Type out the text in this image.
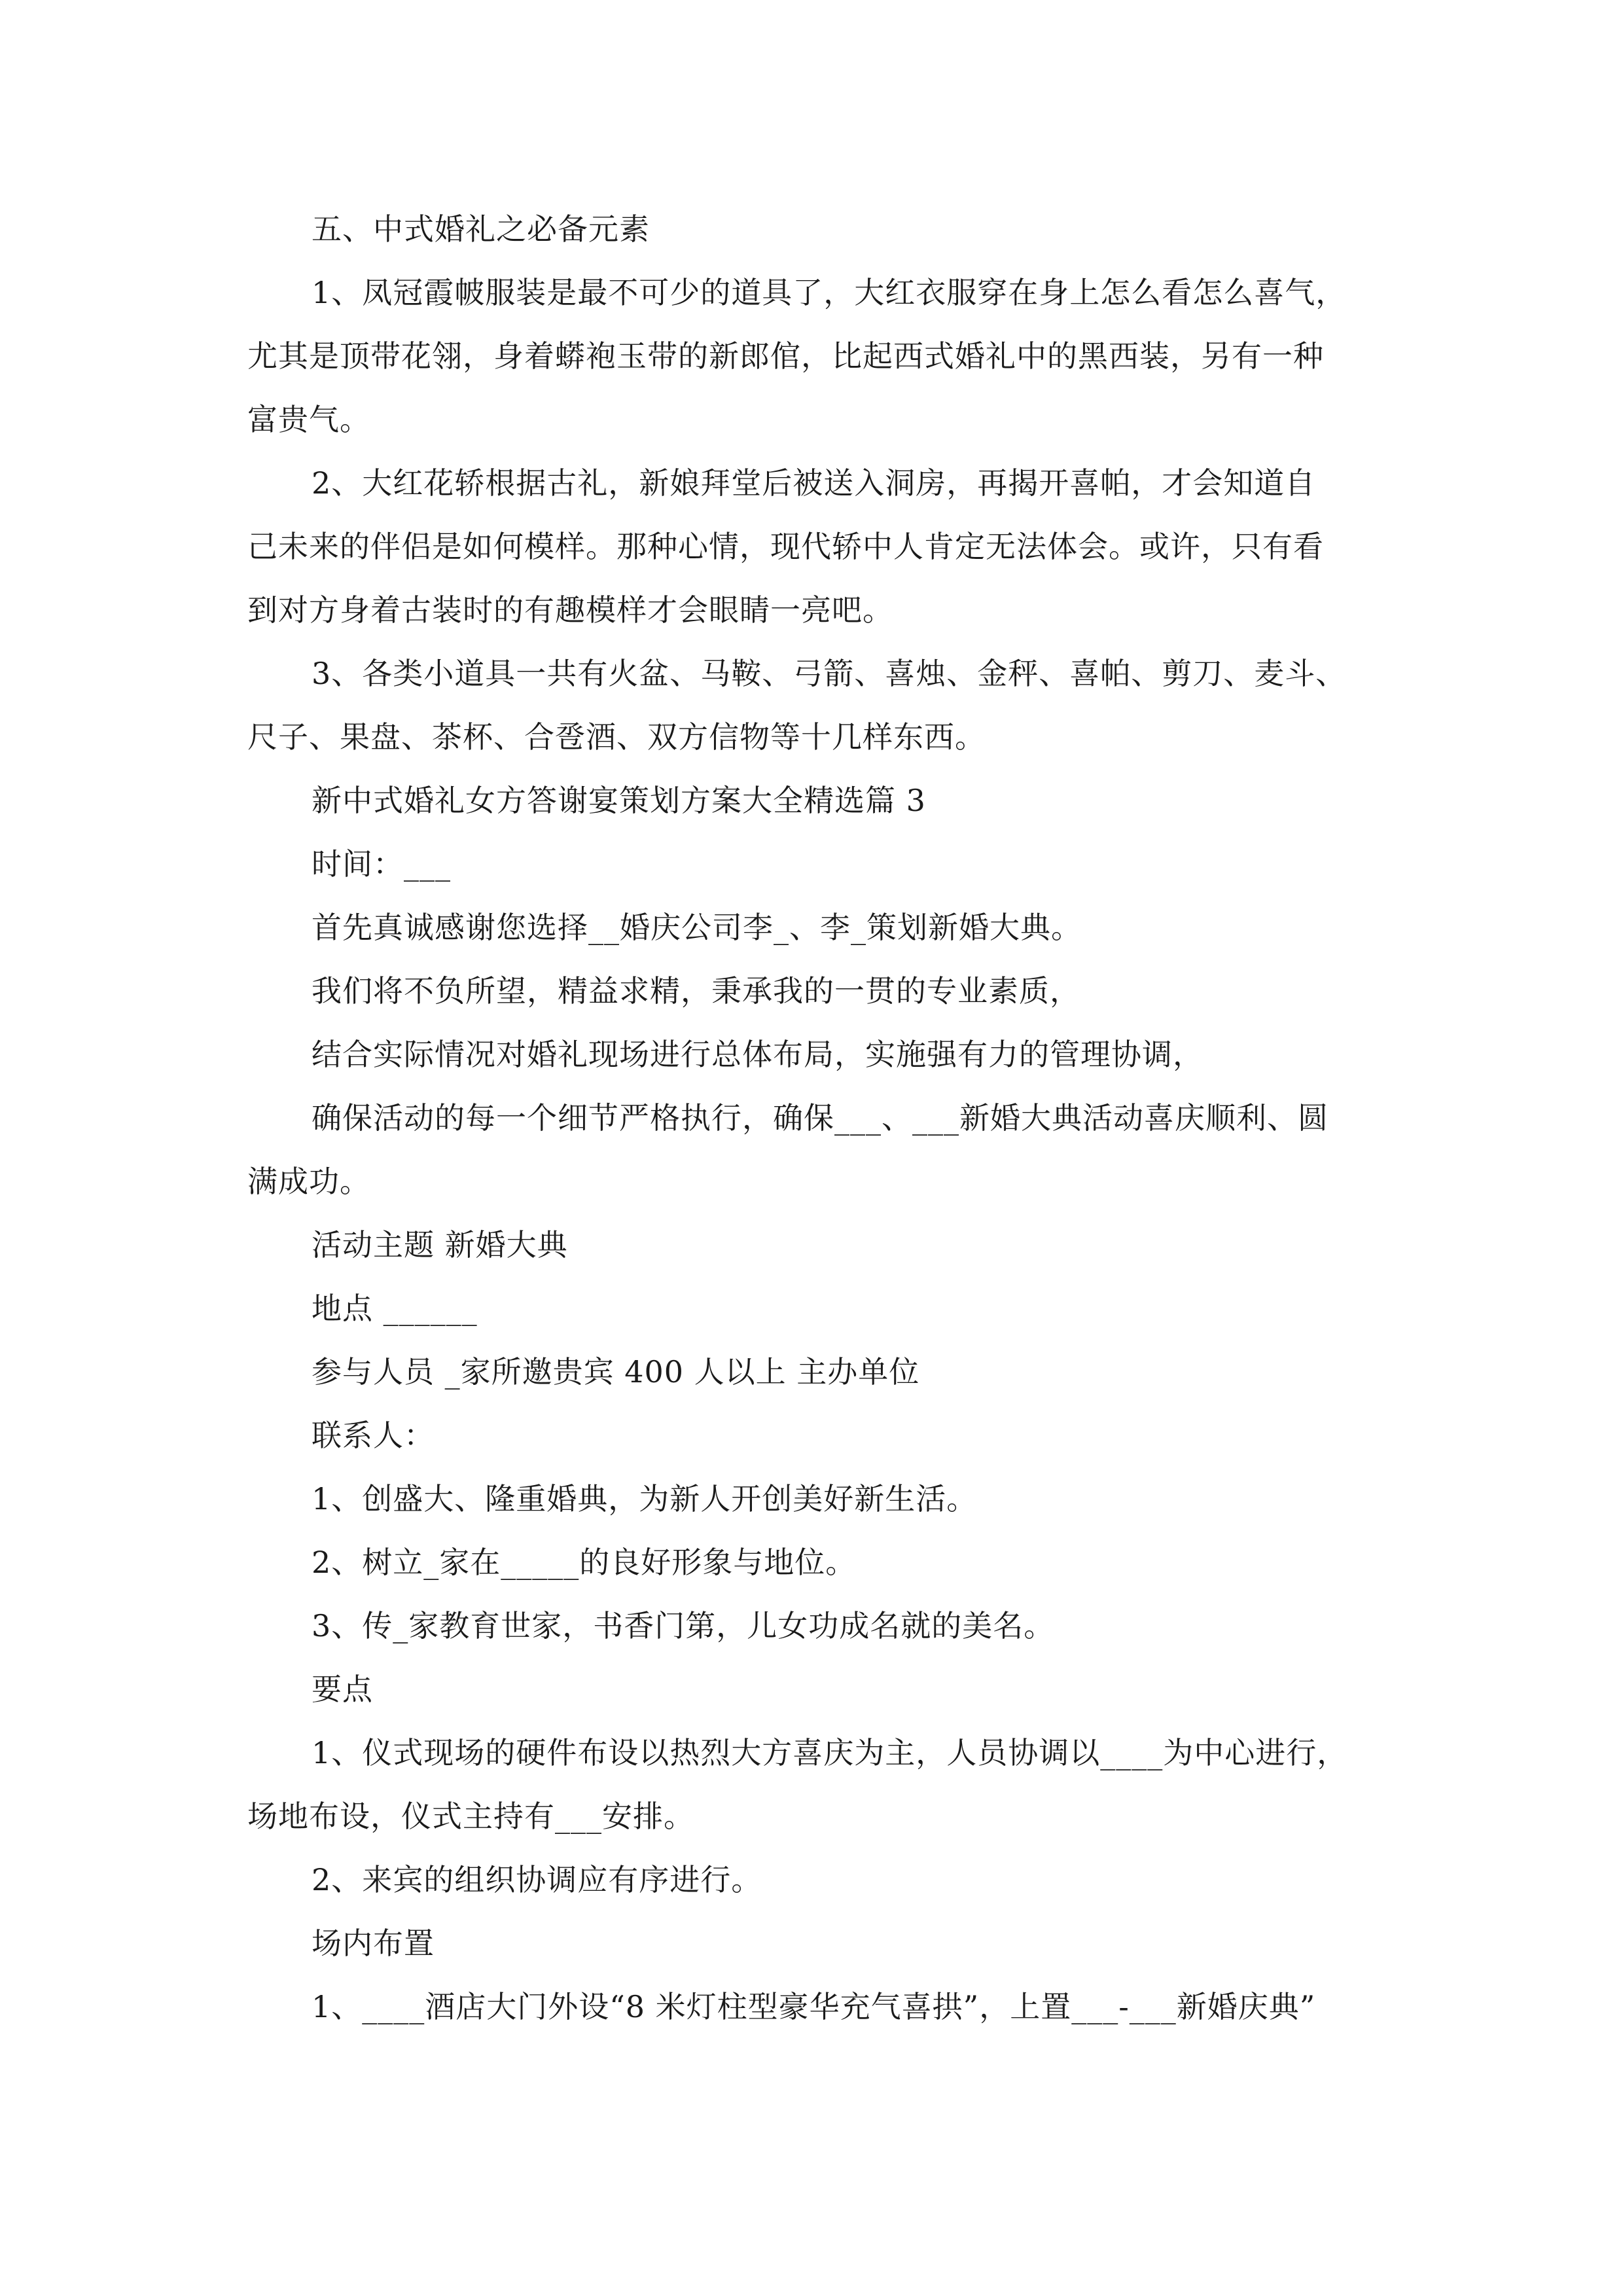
五、中式婚礼之必备元素
1、凤冠霞帔服装是最不可少的道具了，大红衣服穿在身上怎么看怎么喜气，
尤其是顶带花翎，身着蟒袍玉带的新郎倌，比起西式婚礼中的黑西装，另有一种
富贵气。
2、大红花轿根据古礼，新娘拜堂后被送入洞房，再揭开喜帕，才会知道自
己未来的伴侣是如何模样。那种心情，现代轿中人肯定无法体会。或许，只有看
到对方身着古装时的有趣模样才会眼睛一亮吧。
3、各类小道具一共有火盆、马鞍、弓箭、喜烛、金秤、喜帕、剪刀、麦斗、
尺子、果盘、茶杯、合卺酒、双方信物等十几样东西。
新中式婚礼女方答谢宴策划方案大全精选篇 3
时间：___
首先真诚感谢您选择__婚庆公司李_、李_策划新婚大典。
我们将不负所望，精益求精，秉承我的一贯的专业素质，
结合实际情况对婚礼现场进行总体布局，实施强有力的管理协调，
确保活动的每一个细节严格执行，确保___、___新婚大典活动喜庆顺利、圆
满成功。
活动主题 新婚大典
地点 ______
参与人员 _家所邀贵宾 400 人以上 主办单位
联系人：
1、创盛大、隆重婚典，为新人开创美好新生活。
2、树立_家在_____的良好形象与地位。
3、传_家教育世家，书香门第，儿女功成名就的美名。
要点
1、仪式现场的硬件布设以热烈大方喜庆为主，人员协调以____为中心进行，
场地布设，仪式主持有___安排。
2、来宾的组织协调应有序进行。
场内布置
1、____酒店大门外设“8 米灯柱型豪华充气喜拱”，上置___-___新婚庆典”
